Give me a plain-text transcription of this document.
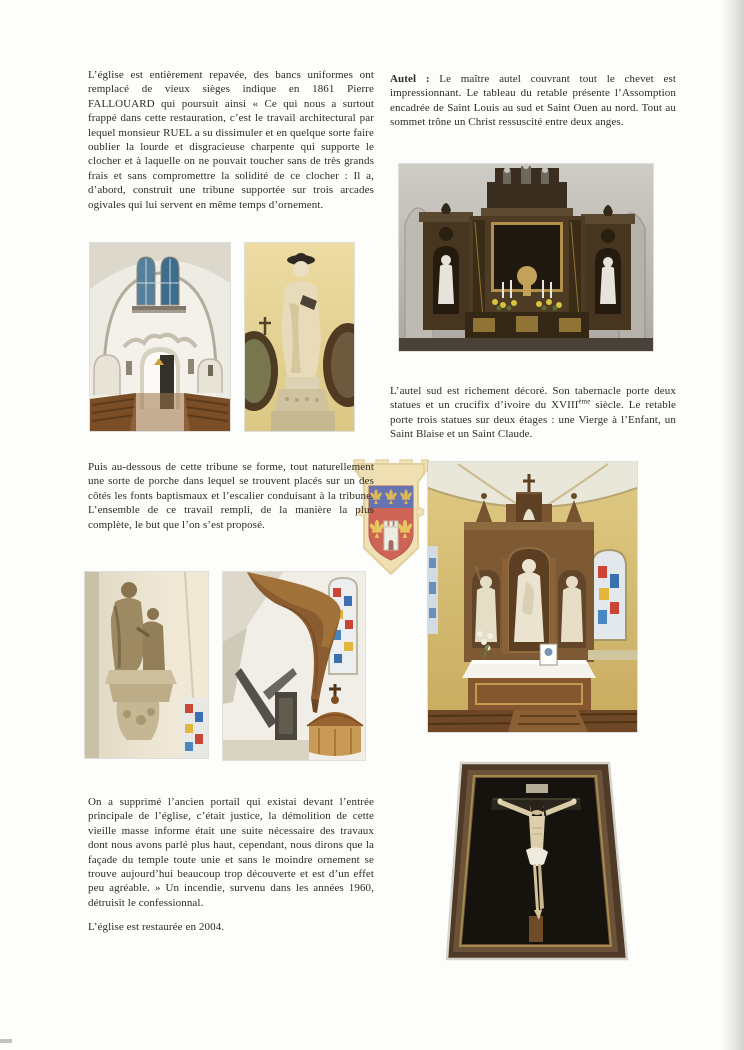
L’église est entièrement repavée, des bancs uniformes ont remplacé de vieux sièges indique en 1861 Pierre FALLOUARD qui poursuit ainsi « Ce qui nous a surtout frappé dans cette restauration, c’est le travail architectural par lequel monsieur RUEL a su dissimuler et en quelque sorte faire oublier la lourde et disgracieuse charpente qui supporte le clocher et à laquelle on ne pouvait toucher sans de très grands frais et sans compromettre la solidité de ce clocher : Il a, d’abord, construit une tribune supportée sur trois arcades ogivales qui lui servent en même temps d’ornement.

Puis au-dessous de cette tribune se forme, tout naturellement une sorte de porche dans lequel se trouvent placés sur un des côtés les fonts baptismaux et l’escalier conduisant à la tribune. L’ensemble de ce travail rempli, de la manière la plus complète, le but que l’on s’est proposé.

On a supprimé l’ancien portail qui existai devant l’entrée principale de l’église, c’était justice, la démolition de cette vieille masse informe était une suite nécessaire des travaux dont nous avons parlé plus haut, cependant, nous dirons que la façade du temple toute unie et sans le moindre ornement se trouve aujourd’hui beaucoup trop découverte et est d’un effet peu agréable. » Un incendie, survenu dans les années 1960, détruisit le confessionnal.

L’église est restaurée en 2004.

Autel : Le maître autel couvrant tout le chevet est impressionnant. Le tableau du retable présente l’Assomption encadrée de Saint Louis au sud et Saint Ouen au nord. Tout au sommet trône un Christ ressuscité entre deux anges.

L’autel sud est richement décoré. Son tabernacle porte deux statues et un crucifix d’ivoire du XVIIIème siècle. Le retable porte trois statues sur deux étages : une Vierge à l’Enfant, un Saint Blaise et un Saint Claude.
